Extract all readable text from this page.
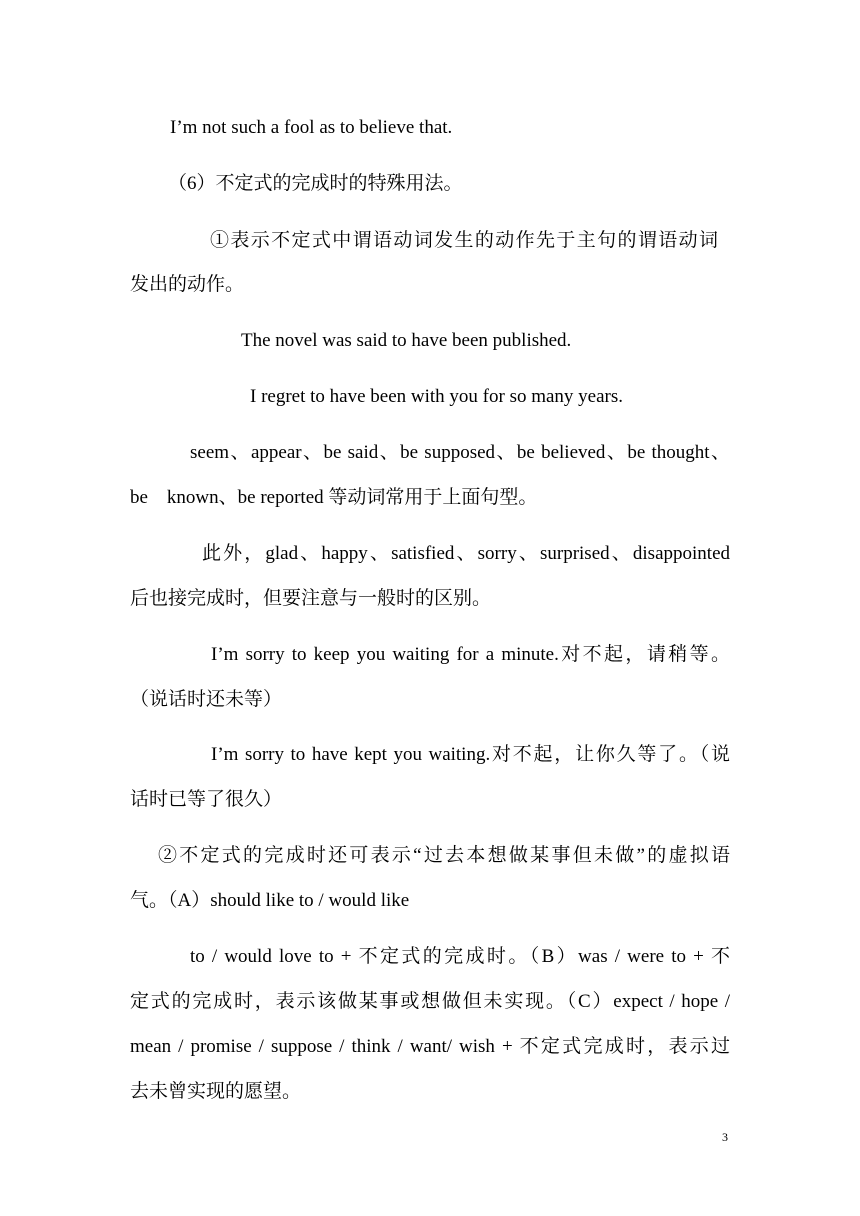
I’m not such a fool as to believe that.
（6）不定式的完成时的特殊用法。
①表示不定式中谓语动词发生的动作先于主句的谓语动词
发出的动作。
The novel was said to have been published.
I regret to have been with you for so many years.
seem、appear、be said、be supposed、be believed、be thought、
be    known、be reported 等动词常用于上面句型。
此外，glad、happy、satisfied、sorry、surprised、disappointed
后也接完成时，但要注意与一般时的区别。
I’m sorry to keep you waiting for a minute.对不起，请稍等。
（说话时还未等）
I’m sorry to have kept you waiting.对不起，让你久等了。（说
话时已等了很久）
②不定式的完成时还可表示“过去本想做某事但未做”的虚拟语
气。（A）should like to / would like
to / would love to + 不定式的完成时。（B）was / were to + 不
定式的完成时，表示该做某事或想做但未实现。（C）expect / hope /
mean / promise / suppose / think / want/ wish + 不定式完成时，表示过
去未曾实现的愿望。
3
